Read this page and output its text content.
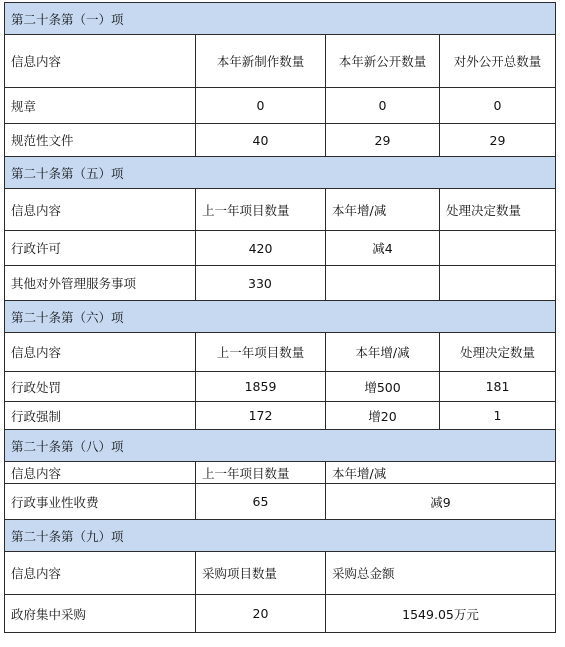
第二十条第（一）项			
信息内容	本年新制作数量	本年新公开数量	对外公开总数量
规章	0	0	0
规范性文件	40	29	29
第二十条第（五）项			
信息内容	上一年项目数量	本年增/减	处理决定数量
行政许可	420	减4	
其他对外管理服务事项	330		
第二十条第（六）项			
信息内容	上一年项目数量	本年增/减	处理决定数量
行政处罚	1859	增500	181
行政强制	172	增20	1
第二十条第（八）项			
信息内容	上一年项目数量	本年增/减	
行政事业性收费	65	减9	
第二十条第（九）项			
信息内容	采购项目数量	采购总金额	
政府集中采购	20	1549.05万元	
